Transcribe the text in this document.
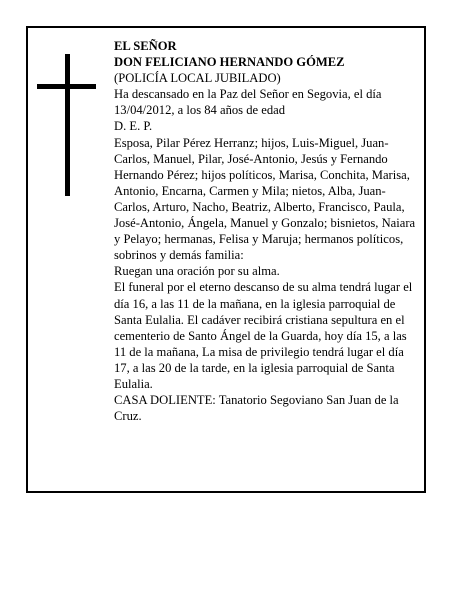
EL SEÑOR

DON FELICIANO HERNANDO GÓMEZ

(POLICÍA LOCAL JUBILADO)

Ha descansado en la Paz del Señor en Segovia, el día 13/04/2012, a los 84 años de edad

D. E. P.

Esposa, Pilar Pérez Herranz; hijos, Luis-Miguel, Juan-Carlos, Manuel, Pilar, José-Antonio, Jesús y Fernando Hernando Pérez; hijos políticos, Marisa, Conchita, Marisa, Antonio, Encarna, Carmen y Mila; nietos, Alba, Juan-Carlos, Arturo, Nacho, Beatriz, Alberto, Francisco, Paula, José-Antonio, Ángela, Manuel y Gonzalo; bisnietos, Naiara y Pelayo; hermanas, Felisa y Maruja; hermanos políticos, sobrinos y demás familia:

Ruegan una oración por su alma.

El funeral por el eterno descanso de su alma tendrá lugar el día 16, a las 11 de la mañana, en la iglesia parroquial de Santa Eulalia. El cadáver recibirá cristiana sepultura en el cementerio de Santo Ángel de la Guarda, hoy día 15, a las 11 de la mañana, La misa de privilegio tendrá lugar el día 17, a las 20 de la tarde, en la iglesia parroquial de Santa Eulalia.

CASA DOLIENTE: Tanatorio Segoviano San Juan de la Cruz.
